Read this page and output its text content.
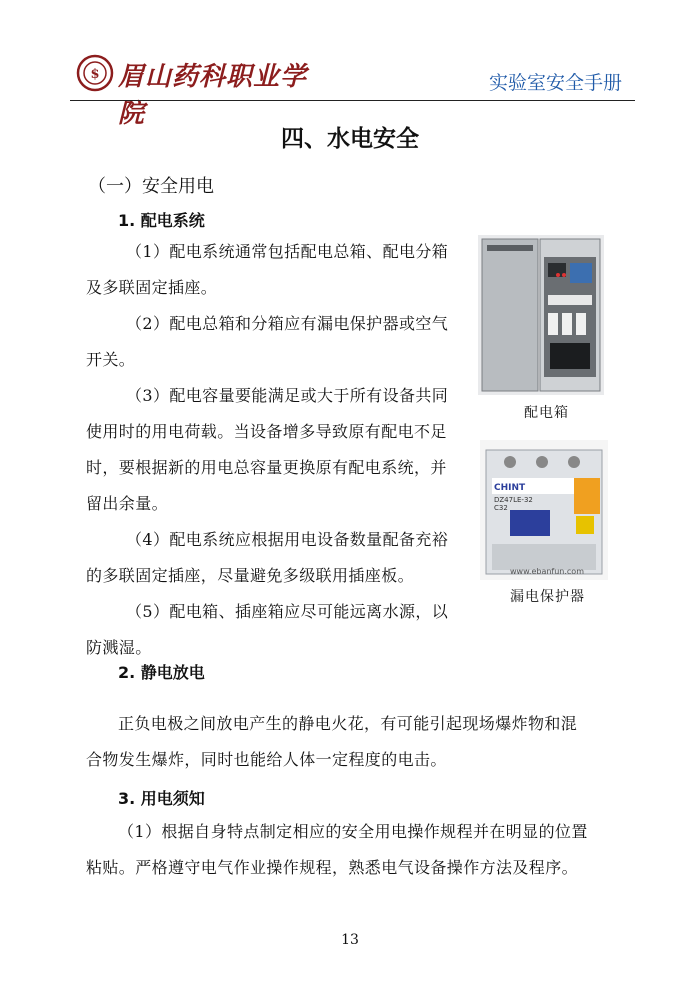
$ 眉山药科职业学院
实验室安全手册
四、水电安全
（一）安全用电
1. 配电系统
（1）配电系统通常包括配电总箱、配电分箱
及多联固定插座。
（2）配电总箱和分箱应有漏电保护器或空气
开关。
（3）配电容量要能满足或大于所有设备共同
使用时的用电荷载。当设备增多导致原有配电不足
时，要根据新的用电总容量更换原有配电系统，并
留出余量。
（4）配电系统应根据用电设备数量配备充裕
的多联固定插座，尽量避免多级联用插座板。
（5）配电箱、插座箱应尽可能远离水源，以
防溅湿。
配电箱
CHINT
DZ47LE-32
C32
www.ebanfun.com
漏电保护器
2. 静电放电
正负电极之间放电产生的静电火花，有可能引起现场爆炸物和混
合物发生爆炸，同时也能给人体一定程度的电击。
3. 用电须知
（1）根据自身特点制定相应的安全用电操作规程并在明显的位置
粘贴。严格遵守电气作业操作规程，熟悉电气设备操作方法及程序。
13
